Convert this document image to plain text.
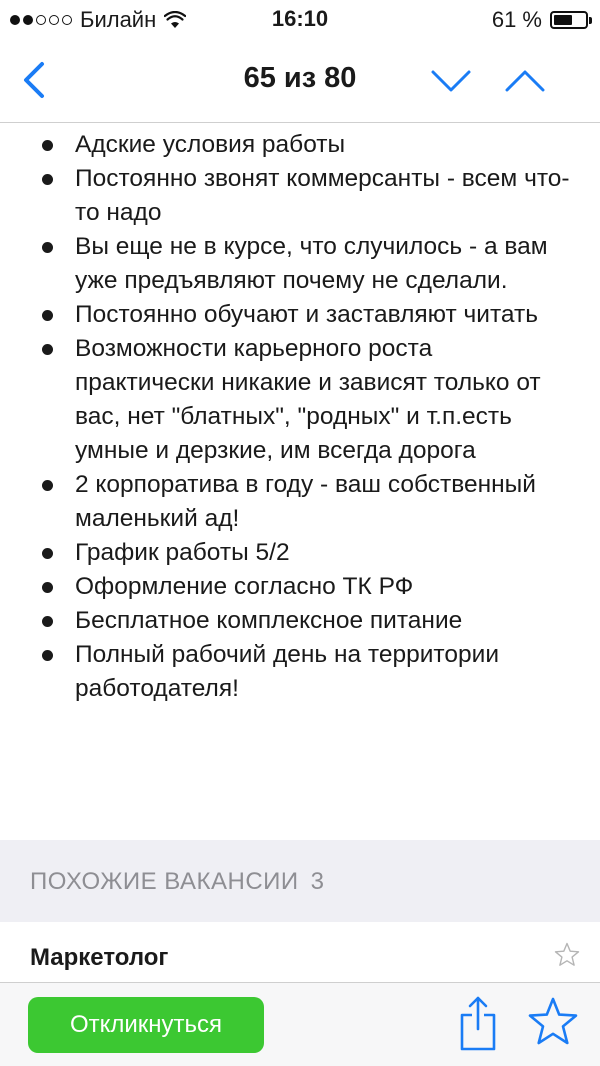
Билайн	16:10	61 %
65 из 80
Адские условия работы
Постоянно звонят коммерсанты - всем что-то надо
Вы еще не в курсе, что случилось - а вам уже предъявляют почему не сделали.
Постоянно обучают и заставляют читать
Возможности карьерного роста практически никакие и зависят только от вас, нет "блатных", "родных" и т.п.есть умные и дерзкие, им всегда дорога
2 корпоратива в году - ваш собственный маленький ад!
График работы 5/2
Оформление согласно ТК РФ
Бесплатное комплексное питание
Полный рабочий день на территории работодателя!
ПОХОЖИЕ ВАКАНСИИ 3
Маркетолог
Откликнуться
